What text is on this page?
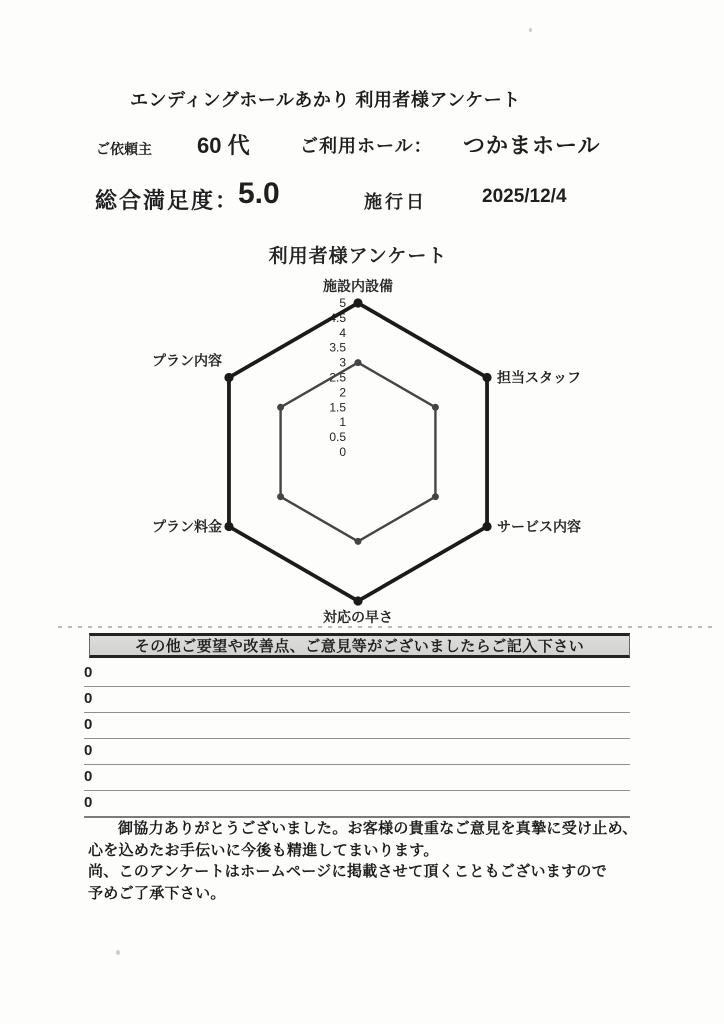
エンディングホールあかり 利用者様アンケート
ご依頼主 60 代	ご利用ホール： つかまホール
総合満足度：
5.0	施行日	2025/12/4
利用者様アンケート
5
4.5
4
3.5
3
2.5
2
1.5
1
0.5
0
施設内設備
担当スタッフ
サービス内容
対応の早さ
プラン料金
プラン内容
その他ご要望や改善点、ご意見等がございましたらご記入下さい
0
0
0
0
0
0
御協力ありがとうございました。お客様の貴重なご意見を真摯に受け止め、
心を込めたお手伝いに今後も精進してまいります。
尚、このアンケートはホームページに掲載させて頂くこともございますので
予めご了承下さい。
